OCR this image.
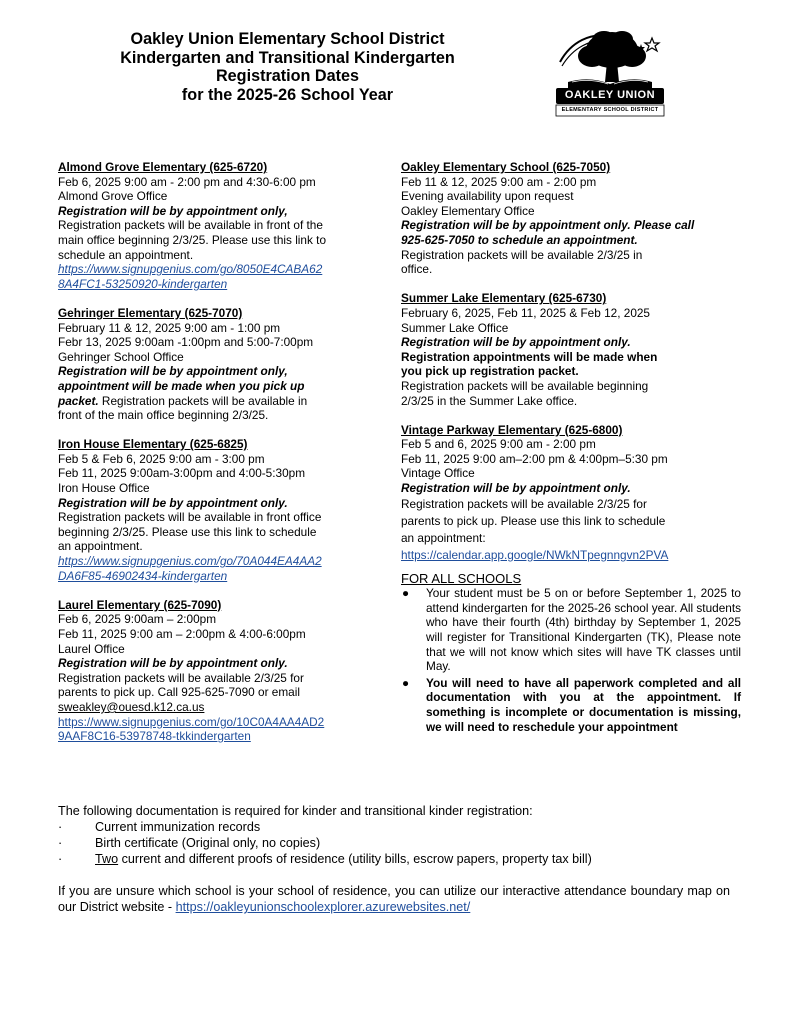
Oakley Union Elementary School District
Kindergarten and Transitional Kindergarten
Registration Dates
for the 2025-26 School Year	OAKLEY UNION
ELEMENTARY SCHOOL DISTRICT
Almond Grove Elementary (625-6720)
Feb 6, 2025 9:00 am - 2:00 pm and 4:30-6:00 pm
Almond Grove Office
Registration will be by appointment only,
Registration packets will be available in front of the
main office beginning 2/3/25. Please use this link to
schedule an appointment.
https://www.signupgenius.com/go/8050E4CABA62
8A4FC1-53250920-kindergarten
Gehringer Elementary (625-7070)
February 11 & 12, 2025 9:00 am - 1:00 pm
Febr 13, 2025 9:00am -1:00pm and 5:00-7:00pm
Gehringer School Office
Registration will be by appointment only,
appointment will be made when you pick up
packet. Registration packets will be available in
front of the main office beginning 2/3/25.
Iron House Elementary (625-6825)
Feb 5 & Feb 6, 2025 9:00 am - 3:00 pm
Feb 11, 2025 9:00am-3:00pm and 4:00-5:30pm
Iron House Office
Registration will be by appointment only.
Registration packets will be available in front office
beginning 2/3/25. Please use this link to schedule
an appointment.
https://www.signupgenius.com/go/70A044EA4AA2
DA6F85-46902434-kindergarten
Laurel Elementary (625-7090)
Feb 6, 2025 9:00am – 2:00pm
Feb 11, 2025 9:00 am – 2:00pm & 4:00-6:00pm
Laurel Office
Registration will be by appointment only.
Registration packets will be available 2/3/25 for
parents to pick up. Call 925-625-7090 or email
sweakley@ouesd.k12.ca.us
https://www.signupgenius.com/go/10C0A4AA4AD2
9AAF8C16-53978748-tkkindergarten
Oakley Elementary School (625-7050)
Feb 11 & 12, 2025 9:00 am - 2:00 pm
Evening availability upon request
Oakley Elementary Office
Registration will be by appointment only. Please call
925-625-7050 to schedule an appointment.
Registration packets will be available 2/3/25 in
office.
Summer Lake Elementary (625-6730)
February 6, 2025, Feb 11, 2025 & Feb 12, 2025
Summer Lake Office
Registration will be by appointment only.
Registration appointments will be made when
you pick up registration packet.
Registration packets will be available beginning
2/3/25 in the Summer Lake office.
Vintage Parkway Elementary (625-6800)
Feb 5 and 6, 2025 9:00 am - 2:00 pm
Feb 11, 2025 9:00 am–2:00 pm & 4:00pm–5:30 pm
Vintage Office
Registration will be by appointment only.
Registration packets will be available 2/3/25 for
parents to pick up. Please use this link to schedule
an appointment:
https://calendar.app.google/NWkNTpegnngvn2PVA
FOR ALL SCHOOLS
●	Your student must be 5 on or before September 1, 2025 to attend kindergarten for the 2025-26 school year. All students who have their fourth (4th) birthday by September 1, 2025 will register for Transitional Kindergarten (TK), Please note that we will not know which sites will have TK classes until May.
●	You will need to have all paperwork completed and all documentation with you at the appointment. If something is incomplete or documentation is missing, we will need to reschedule your appointment
The following documentation is required for kinder and transitional kinder registration:
·	Current immunization records
·	Birth certificate (Original only, no copies)
·	Two current and different proofs of residence (utility bills, escrow papers, property tax bill)
If you are unsure which school is your school of residence, you can utilize our interactive attendance boundary map on our District website - https://oakleyunionschoolexplorer.azurewebsites.net/
